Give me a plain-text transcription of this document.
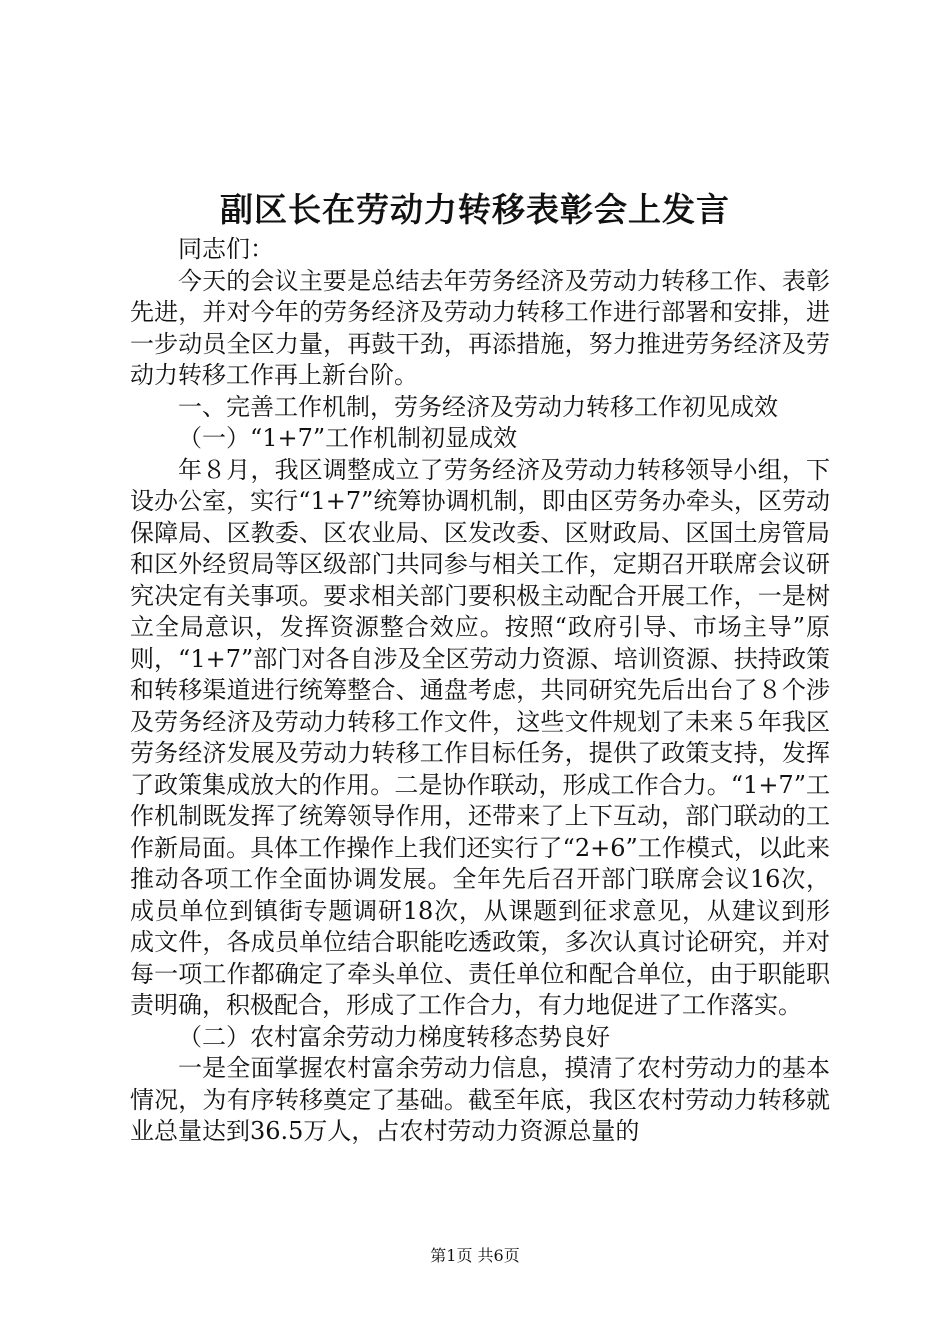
副区长在劳动力转移表彰会上发言

同志们：

今天的会议主要是总结去年劳务经济及劳动力转移工作、表彰先进，并对今年的劳务经济及劳动力转移工作进行部署和安排，进一步动员全区力量，再鼓干劲，再添措施，努力推进劳务经济及劳动力转移工作再上新台阶。

一、完善工作机制，劳务经济及劳动力转移工作初见成效

（一）“1+7”工作机制初显成效

年８月，我区调整成立了劳务经济及劳动力转移领导小组，下设办公室，实行“1+7”统筹协调机制，即由区劳务办牵头，区劳动保障局、区教委、区农业局、区发改委、区财政局、区国土房管局和区外经贸局等区级部门共同参与相关工作，定期召开联席会议研究决定有关事项。要求相关部门要积极主动配合开展工作，一是树立全局意识，发挥资源整合效应。按照“政府引导、市场主导”原则，“1+7”部门对各自涉及全区劳动力资源、培训资源、扶持政策和转移渠道进行统筹整合、通盘考虑，共同研究先后出台了８个涉及劳务经济及劳动力转移工作文件，这些文件规划了未来５年我区劳务经济发展及劳动力转移工作目标任务，提供了政策支持，发挥了政策集成放大的作用。二是协作联动，形成工作合力。“1+7”工作机制既发挥了统筹领导作用，还带来了上下互动，部门联动的工作新局面。具体工作操作上我们还实行了“2+6”工作模式，以此来推动各项工作全面协调发展。全年先后召开部门联席会议16次，成员单位到镇街专题调研18次，从课题到征求意见，从建议到形成文件，各成员单位结合职能吃透政策，多次认真讨论研究，并对每一项工作都确定了牵头单位、责任单位和配合单位，由于职能职责明确，积极配合，形成了工作合力，有力地促进了工作落实。

（二）农村富余劳动力梯度转移态势良好

一是全面掌握农村富余劳动力信息，摸清了农村劳动力的基本情况，为有序转移奠定了基础。截至年底，我区农村劳动力转移就业总量达到36.5万人，占农村劳动力资源总量的

第1页 共6页
